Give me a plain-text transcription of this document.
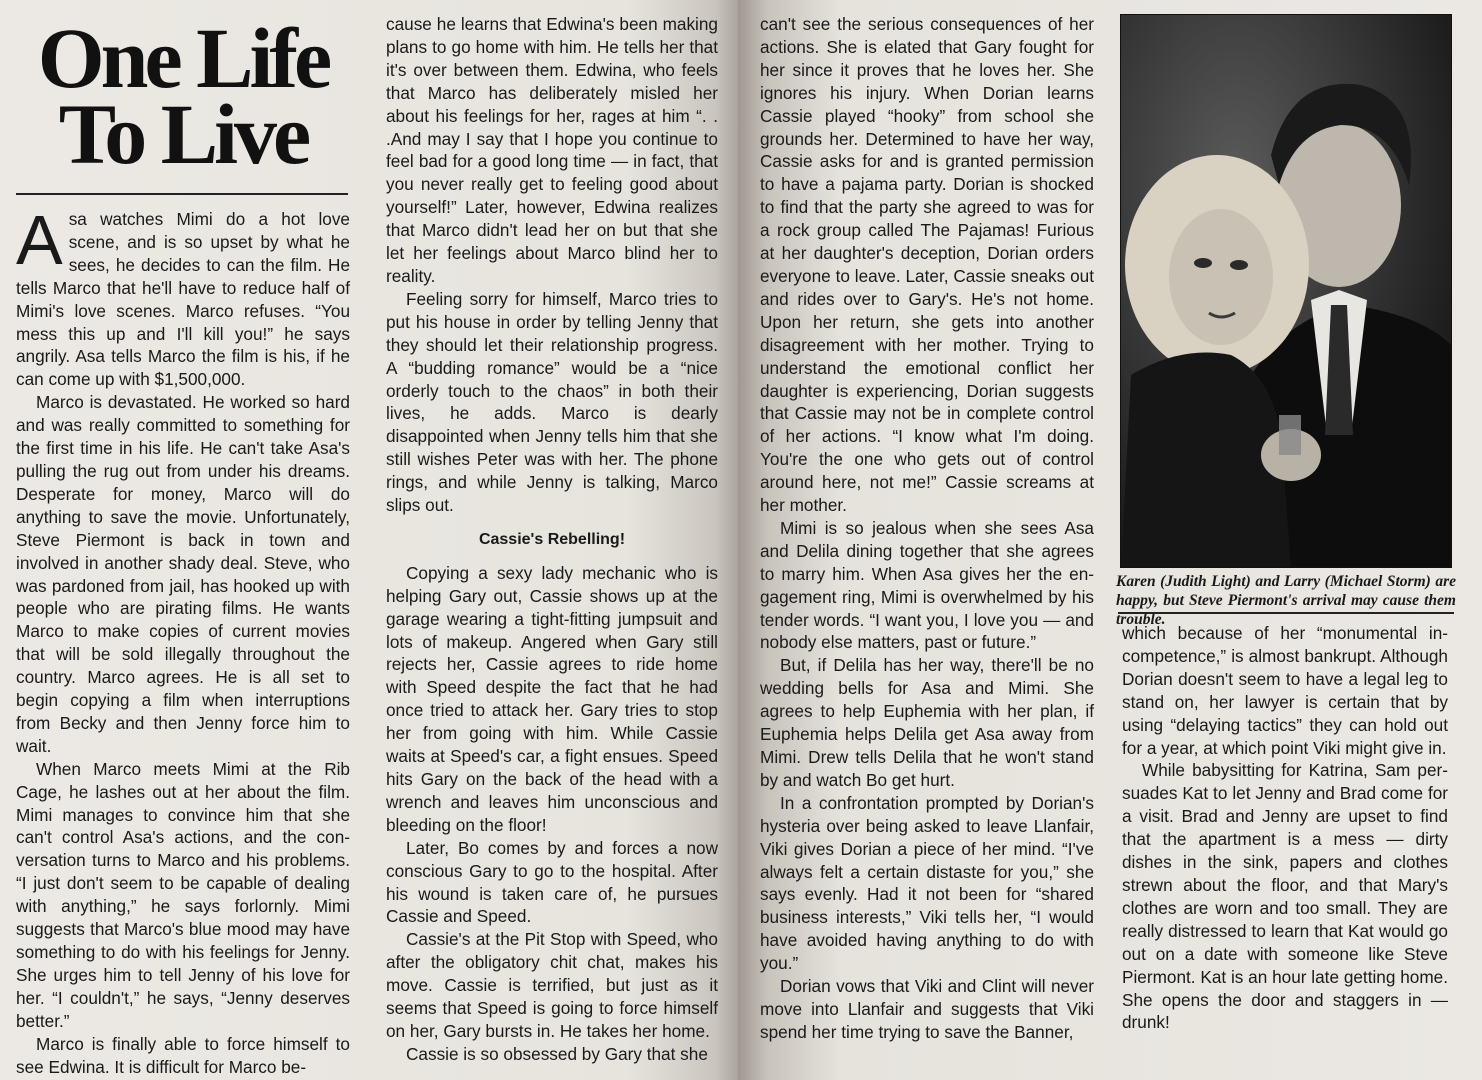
One Life
To Live

Asa watches Mimi do a hot love scene, and is so upset by what he sees, he decides to can the film. He tells Marco that he'll have to reduce half of Mimi's love scenes. Marco refuses. “You mess this up and I'll kill you!” he says angrily. Asa tells Marco the film is his, if he can come up with $1,500,000.

Marco is devastated. He worked so hard and was really committed to something for the first time in his life. He can't take Asa's pulling the rug out from under his dreams. Desperate for money, Marco will do anything to save the movie. Unfortunately, Steve Piermont is back in town and involved in another shady deal. Steve, who was pardoned from jail, has hooked up with people who are pirating films. He wants Marco to make copies of current movies that will be sold illegally throughout the country. Marco agrees. He is all set to begin copying a film when interruptions from Becky and then Jenny force him to wait.

When Marco meets Mimi at the Rib Cage, he lashes out at her about the film. Mimi manages to convince him that she can't control Asa's actions, and the conversation turns to Marco and his problems. “I just don't seem to be capable of dealing with anything,” he says forlornly. Mimi suggests that Marco's blue mood may have something to do with his feelings for Jenny. She urges him to tell Jenny of his love for her. “I couldn't,” he says, “Jenny deserves better.”

Marco is finally able to force himself to see Edwina. It is difficult for Marco be-

cause he learns that Edwina's been making plans to go home with him. He tells her that it's over between them. Edwina, who feels that Marco has deliberately misled her about his feelings for her, rages at him “. . .And may I say that I hope you continue to feel bad for a good long time — in fact, that you never really get to feeling good about yourself!” Later, however, Edwina realizes that Marco didn't lead her on but that she let her feelings about Marco blind her to reality.

Feeling sorry for himself, Marco tries to put his house in order by telling Jenny that they should let their relationship progress. A “budding romance” would be a “nice orderly touch to the chaos” in both their lives, he adds. Marco is dearly disappointed when Jenny tells him that she still wishes Peter was with her. The phone rings, and while Jenny is talking, Marco slips out.

Cassie's Rebelling!

Copying a sexy lady mechanic who is helping Gary out, Cassie shows up at the garage wearing a tight-fitting jumpsuit and lots of makeup. Angered when Gary still rejects her, Cassie agrees to ride home with Speed despite the fact that he had once tried to attack her. Gary tries to stop her from going with him. While Cassie waits at Speed's car, a fight ensues. Speed hits Gary on the back of the head with a wrench and leaves him unconscious and bleeding on the floor!

Later, Bo comes by and forces a now conscious Gary to go to the hospital. After his wound is taken care of, he pursues Cassie and Speed.

Cassie's at the Pit Stop with Speed, who after the obligatory chit chat, makes his move. Cassie is terrified, but just as it seems that Speed is going to force himself on her, Gary bursts in. He takes her home.

Cassie is so obsessed by Gary that she

can't see the serious consequences of her actions. She is elated that Gary fought for her since it proves that he loves her. She ignores his injury. When Dorian learns Cassie played “hooky” from school she grounds her. Determined to have her way, Cassie asks for and is granted permission to have a pajama party. Dorian is shocked to find that the party she agreed to was for a rock group called The Pajamas! Furious at her daughter's deception, Dorian orders everyone to leave. Later, Cassie sneaks out and rides over to Gary's. He's not home. Upon her return, she gets into another disagreement with her mother. Trying to understand the emotional conflict her daughter is experiencing, Dorian suggests that Cassie may not be in complete control of her actions. “I know what I'm doing. You're the one who gets out of control around here, not me!” Cassie screams at her mother.

Mimi is so jealous when she sees Asa and Delila dining together that she agrees to marry him. When Asa gives her the engagement ring, Mimi is overwhelmed by his tender words. “I want you, I love you — and nobody else matters, past or future.”

But, if Delila has her way, there'll be no wedding bells for Asa and Mimi. She agrees to help Euphemia with her plan, if Euphemia helps Delila get Asa away from Mimi. Drew tells Delila that he won't stand by and watch Bo get hurt.

In a confrontation prompted by Dorian's hysteria over being asked to leave Llanfair, Viki gives Dorian a piece of her mind. “I've always felt a certain distaste for you,” she says evenly. Had it not been for “shared business interests,” Viki tells her, “I would have avoided having anything to do with you.”

Dorian vows that Viki and Clint will never move into Llanfair and suggests that Viki spend her time trying to save the Banner,

Karen (Judith Light) and Larry (Michael Storm) are happy, but Steve Piermont's arrival may cause them trouble.

which because of her “monumental incompetence,” is almost bankrupt. Although Dorian doesn't seem to have a legal leg to stand on, her lawyer is certain that by using “delaying tactics” they can hold out for a year, at which point Viki might give in.

While babysitting for Katrina, Sam persuades Kat to let Jenny and Brad come for a visit. Brad and Jenny are upset to find that the apartment is a mess — dirty dishes in the sink, papers and clothes strewn about the floor, and that Mary's clothes are worn and too small. They are really distressed to learn that Kat would go out on a date with someone like Steve Piermont. Kat is an hour late getting home. She opens the door and staggers in — drunk!
